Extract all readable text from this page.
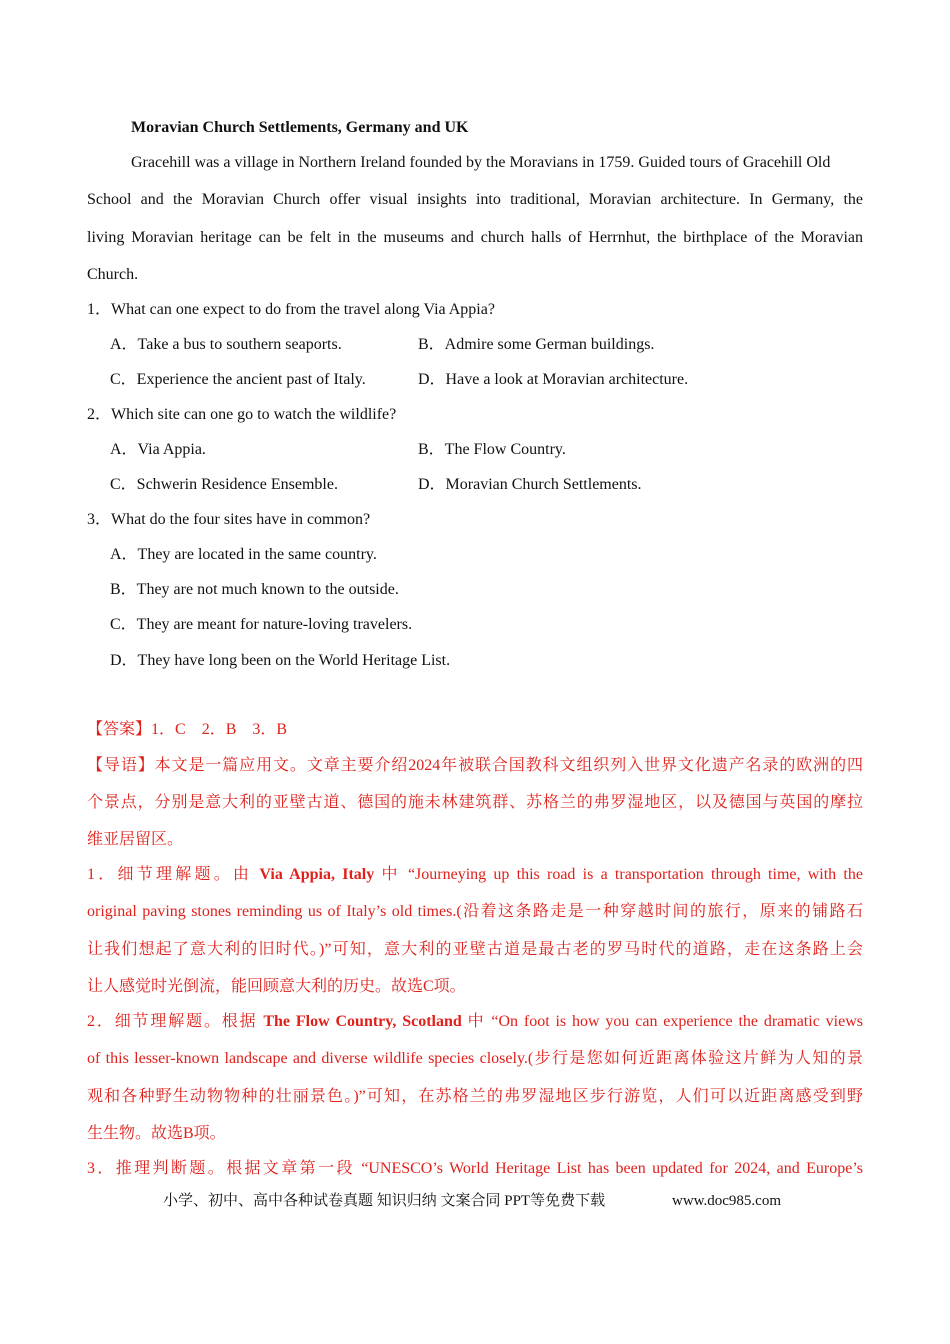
Moravian Church Settlements, Germany and UK
Gracehill was a village in Northern Ireland founded by the Moravians in 1759. Guided tours of Gracehill Old
School and the Moravian Church offer visual insights into traditional, Moravian architecture. In Germany, the
living Moravian heritage can be felt in the museums and church halls of Herrnhut, the birthplace of the Moravian
Church.
1．What can one expect to do from the travel along Via Appia?
A．Take a bus to southern seaports.	B．Admire some German buildings.
C．Experience the ancient past of Italy.	D．Have a look at Moravian architecture.
2．Which site can one go to watch the wildlife?
A．Via Appia.	B．The Flow Country.
C．Schwerin Residence Ensemble.	D．Moravian Church Settlements.
3．What do the four sites have in common?
A．They are located in the same country.
B．They are not much known to the outside.
C．They are meant for nature-loving travelers.
D．They have long been on the World Heritage List.
【答案】1．C　2．B　3．B
【导语】本文是一篇应用文。文章主要介绍2024年被联合国教科文组织列入世界文化遗产名录的欧洲的四
个景点，分别是意大利的亚壁古道、德国的施未林建筑群、苏格兰的弗罗湿地区，以及德国与英国的摩拉
维亚居留区。
1．细节理解题。由 Via Appia, Italy 中 “Journeying up this road is a transportation through time, with the
original paving stones reminding us of Italy’s old times.(沿着这条路走是一种穿越时间的旅行，原来的铺路石
让我们想起了意大利的旧时代。)”可知，意大利的亚壁古道是最古老的罗马时代的道路，走在这条路上会
让人感觉时光倒流，能回顾意大利的历史。故选C项。
2．细节理解题。根据 The Flow Country, Scotland 中 “On foot is how you can experience the dramatic views
of this lesser-known landscape and diverse wildlife species closely.(步行是您如何近距离体验这片鲜为人知的景
观和各种野生动物物种的壮丽景色。)”可知，在苏格兰的弗罗湿地区步行游览，人们可以近距离感受到野
生生物。故选B项。
3．推理判断题。根据文章第一段 “UNESCO’s World Heritage List has been updated for 2024, and Europe’s
小学、初中、高中各种试卷真题 知识归纳 文案合同 PPT等免费下载	www.doc985.com
